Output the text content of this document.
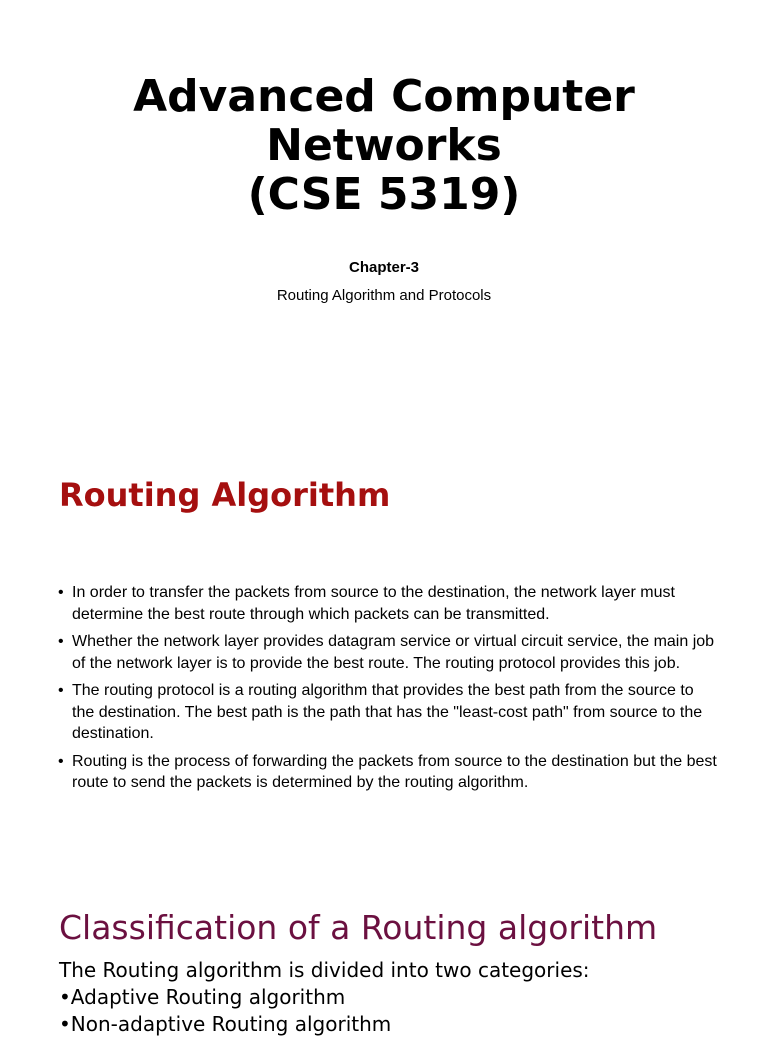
Advanced Computer
Networks
(CSE 5319)
Chapter-3
Routing Algorithm and Protocols
Routing Algorithm
• In order to transfer the packets from source to the destination, the network layer must determine the best route through which packets can be transmitted.
• Whether the network layer provides datagram service or virtual circuit service, the main job of the network layer is to provide the best route. The routing protocol provides this job.
• The routing protocol is a routing algorithm that provides the best path from the source to the destination. The best path is the path that has the "least-cost path" from source to the destination.
• Routing is the process of forwarding the packets from source to the destination but the best route to send the packets is determined by the routing algorithm.
Classification of a Routing algorithm
The Routing algorithm is divided into two categories:
•Adaptive Routing algorithm
•Non-adaptive Routing algorithm
